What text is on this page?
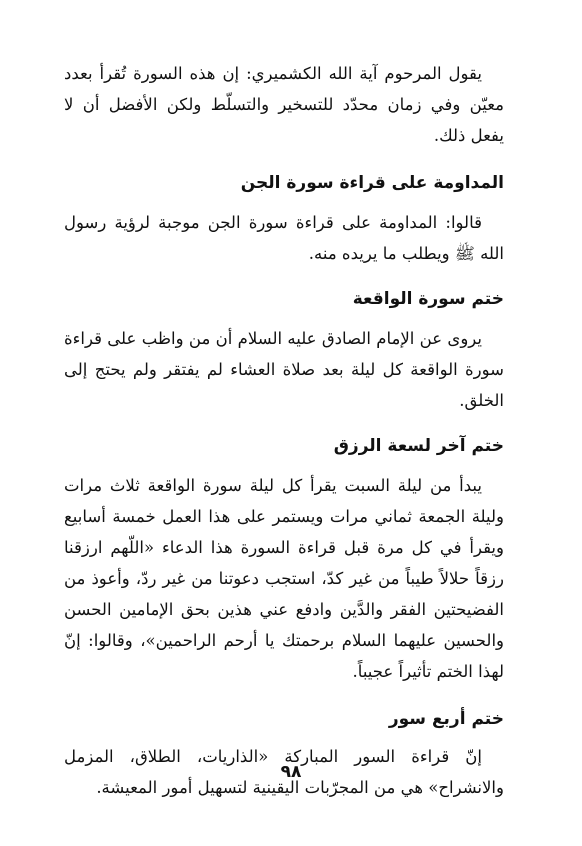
يقول المرحوم آية الله الكشميري: إن هذه السورة تُقرأ بعدد معيّن وفي زمان محدّد للتسخير والتسلّط ولكن الأفضل أن لا يفعل ذلك.

المداومة على قراءة سورة الجن

قالوا: المداومة على قراءة سورة الجن موجبة لرؤية رسول الله ﷺ ويطلب ما يريده منه.

ختم سورة الواقعة

يروى عن الإمام الصادق عليه السلام أن من واظب على قراءة سورة الواقعة كل ليلة بعد صلاة العشاء لم يفتقر ولم يحتج إلى الخلق.

ختم آخر لسعة الرزق

يبدأ من ليلة السبت يقرأ كل ليلة سورة الواقعة ثلاث مرات وليلة الجمعة ثماني مرات ويستمر على هذا العمل خمسة أسابيع ويقرأ في كل مرة قبل قراءة السورة هذا الدعاء «اللّهم ارزقنا رزقاً حلالاً طيباً من غير كدّ، استجب دعوتنا من غير ردّ، وأعوذ من الفضيحتين الفقر والدَّين وادفع عني هذين بحق الإمامين الحسن والحسين عليهما السلام برحمتك يا أرحم الراحمين»، وقالوا: إنّ لهذا الختم تأثيراً عجيباً.

ختم أربع سور

إنّ قراءة السور المباركة «الذاريات، الطلاق، المزمل والانشراح» هي من المجرّبات اليقينية لتسهيل أمور المعيشة.

٩٨
